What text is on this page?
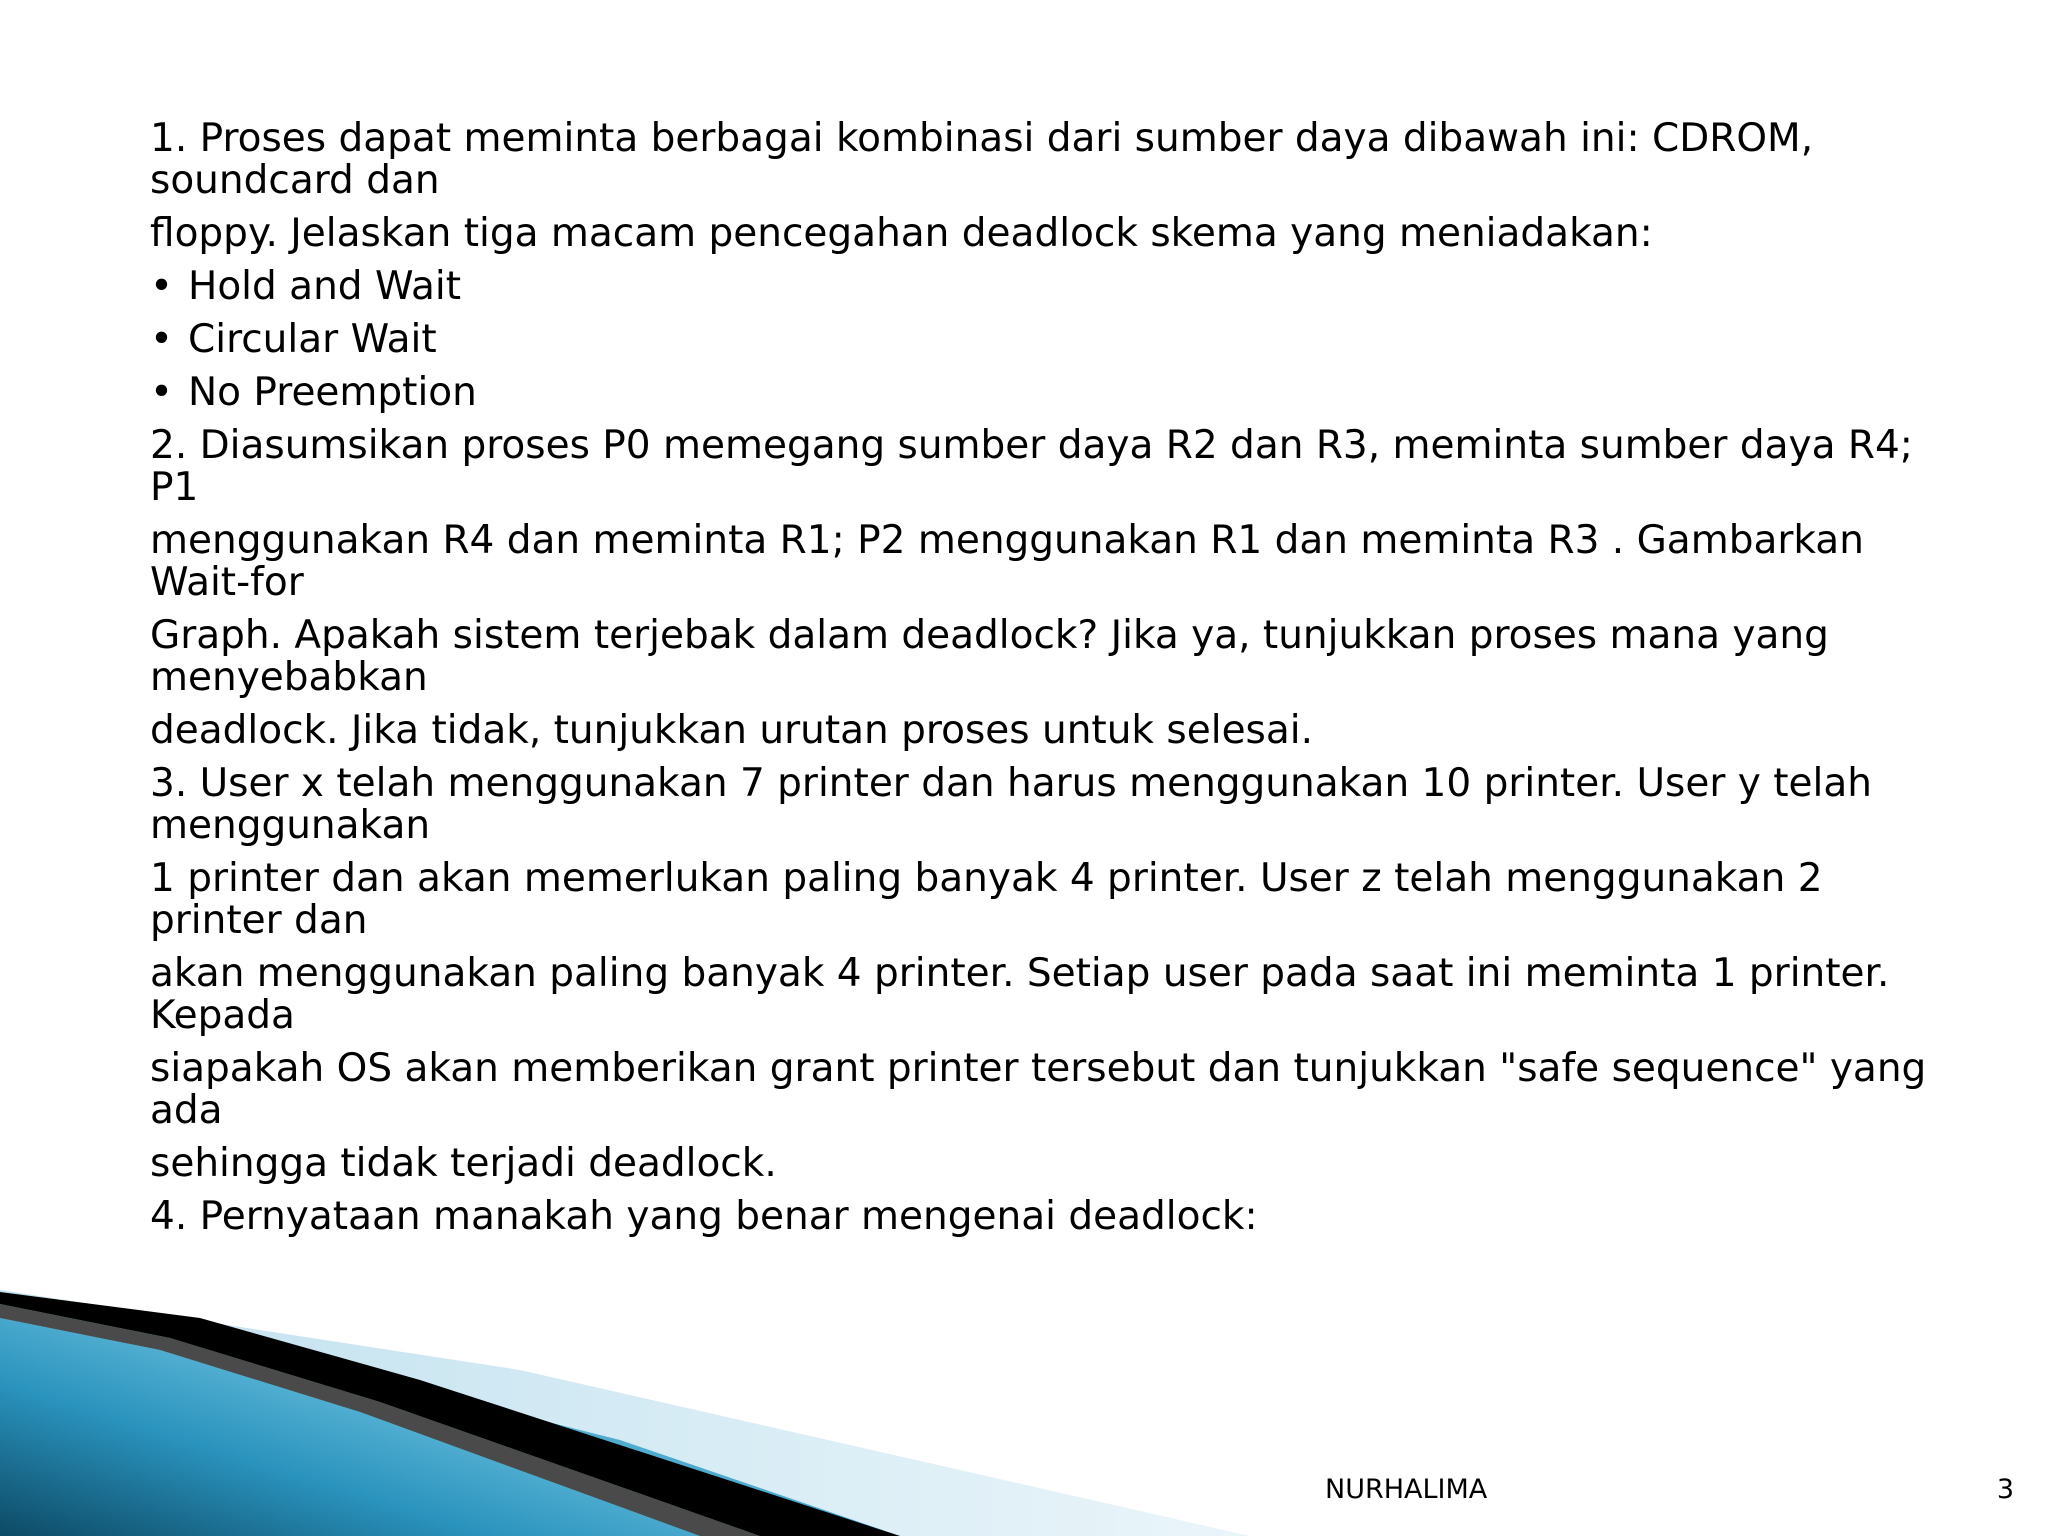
1. Proses dapat meminta berbagai kombinasi dari sumber daya dibawah ini: CDROM, soundcard dan
floppy. Jelaskan tiga macam pencegahan deadlock skema yang meniadakan:
• Hold and Wait
• Circular Wait
• No Preemption
2. Diasumsikan proses P0 memegang sumber daya R2 dan R3, meminta sumber daya R4; P1
menggunakan R4 dan meminta R1; P2 menggunakan R1 dan meminta R3 . Gambarkan Wait-for
Graph. Apakah sistem terjebak dalam deadlock? Jika ya, tunjukkan proses mana yang menyebabkan
deadlock. Jika tidak, tunjukkan urutan proses untuk selesai.
3. User x telah menggunakan 7 printer dan harus menggunakan 10 printer. User y telah menggunakan
1 printer dan akan memerlukan paling banyak 4 printer. User z telah menggunakan 2 printer dan
akan menggunakan paling banyak 4 printer. Setiap user pada saat ini meminta 1 printer. Kepada
siapakah OS akan memberikan grant printer tersebut dan tunjukkan "safe sequence" yang ada
sehingga tidak terjadi deadlock.
4. Pernyataan manakah yang benar mengenai deadlock:
NURHALIMA	3
